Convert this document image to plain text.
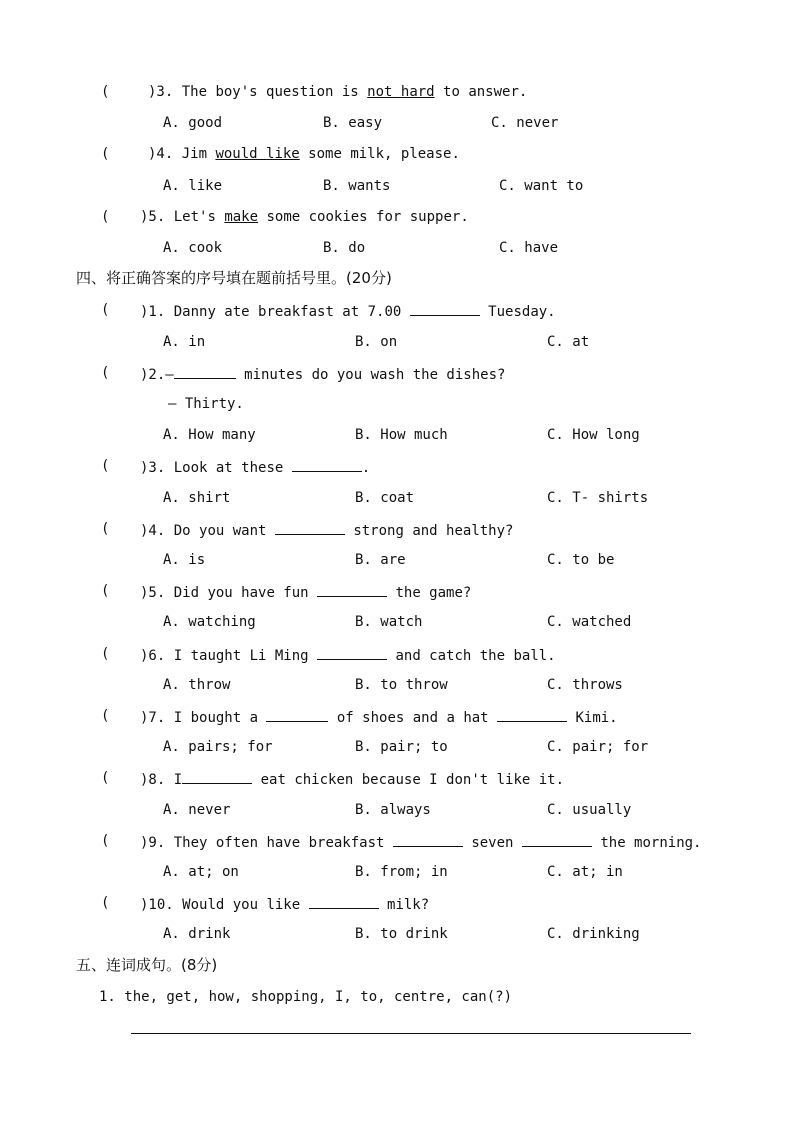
(	)3. The boy's question is not hard to answer.
A. good	B. easy	C. never
(	)4. Jim would like some milk, please.
A. like	B. wants	C. want to
( )5. Let's make some cookies for supper.
A. cook	B. do	C. have
四、将正确答案的序号填在题前括号里。(20分)
( )1. Danny ate breakfast at 7.00	Tuesday.
A. in	B. on	C. at
( )2.—	minutes do you wash the dishes?
— Thirty.
A. How many	B. How much	C. How long
( )3. Look at these	.
A. shirt	B. coat	C. T- shirts
( )4. Do you want	strong and healthy?
A. is	B. are	C. to be
( )5. Did you have fun	the game?
A. watching	B. watch	C. watched
( )6. I taught Li Ming	and catch the ball.
A. throw	B. to throw	C. throws
( )7. I bought a	of shoes and a hat	Kimi.
A. pairs; for	B. pair; to	C. pair; for
( )8. I	eat chicken because I don't like it.
A. never	B. always	C. usually
( )9. They often have breakfast	seven	the morning.
A. at; on	B. from; in	C. at; in
( )10. Would you like	milk?
A. drink	B. to drink	C. drinking
五、连词成句。(8分)
1. the, get, how, shopping, I, to, centre, can(?)
